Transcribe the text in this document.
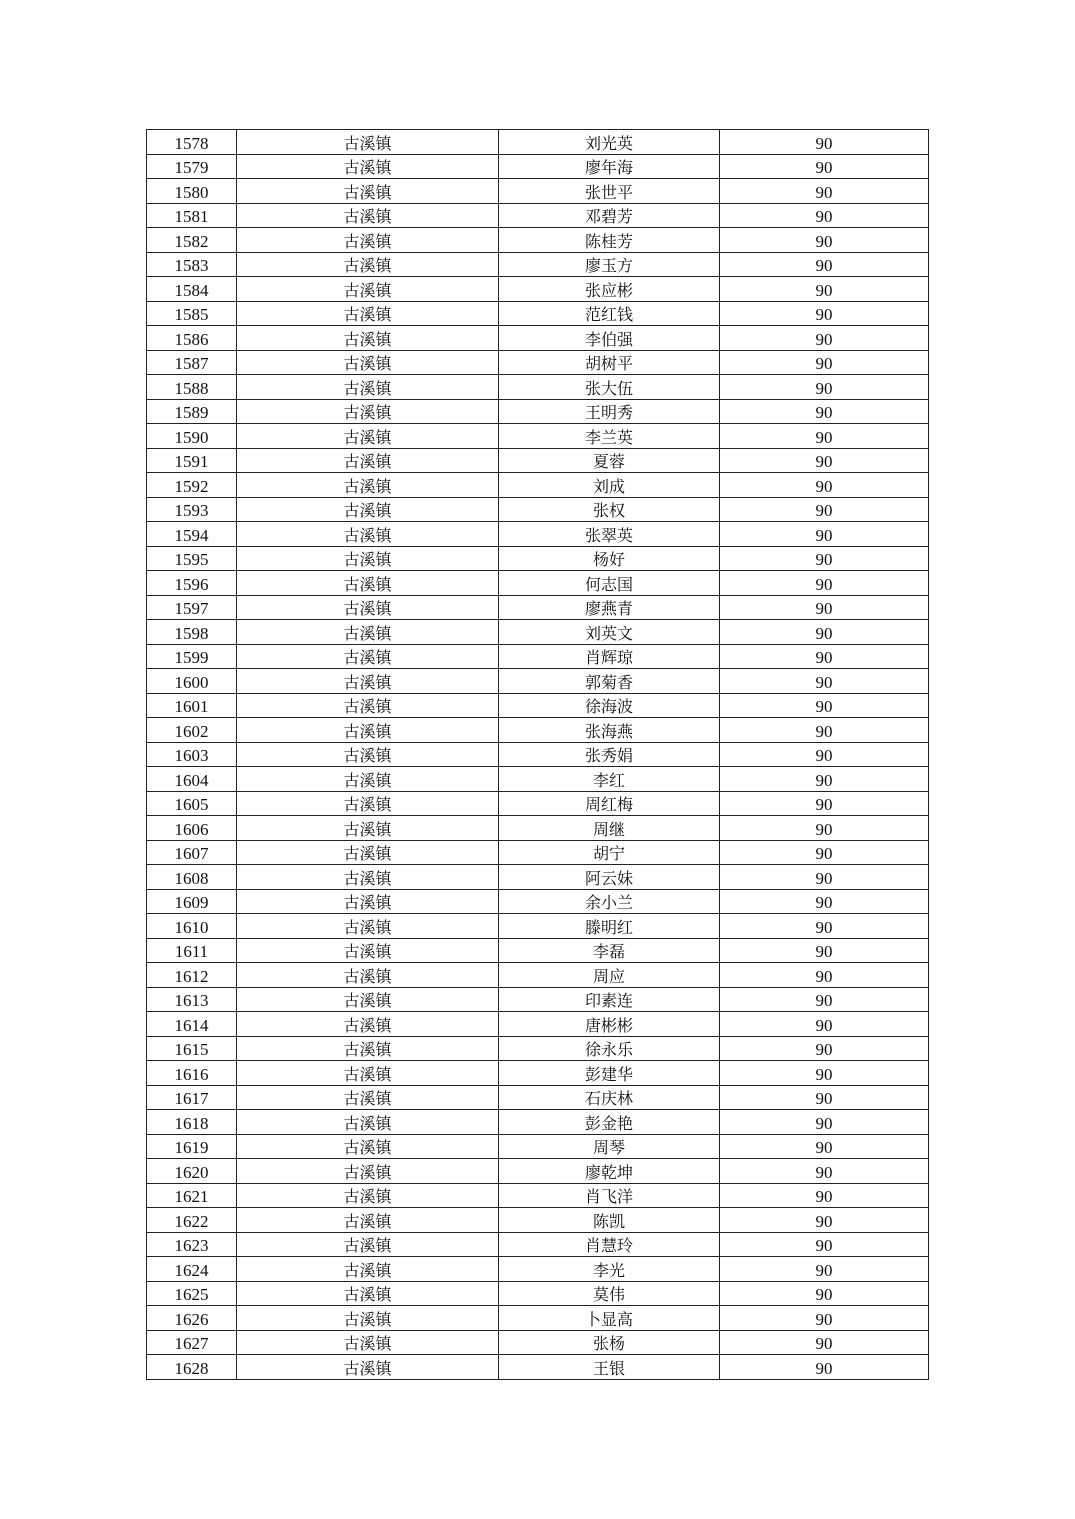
1578	古溪镇	刘光英	90
1579	古溪镇	廖年海	90
1580	古溪镇	张世平	90
1581	古溪镇	邓碧芳	90
1582	古溪镇	陈桂芳	90
1583	古溪镇	廖玉方	90
1584	古溪镇	张应彬	90
1585	古溪镇	范红钱	90
1586	古溪镇	李伯强	90
1587	古溪镇	胡树平	90
1588	古溪镇	张大伍	90
1589	古溪镇	王明秀	90
1590	古溪镇	李兰英	90
1591	古溪镇	夏蓉	90
1592	古溪镇	刘成	90
1593	古溪镇	张权	90
1594	古溪镇	张翠英	90
1595	古溪镇	杨好	90
1596	古溪镇	何志国	90
1597	古溪镇	廖燕青	90
1598	古溪镇	刘英文	90
1599	古溪镇	肖辉琼	90
1600	古溪镇	郭菊香	90
1601	古溪镇	徐海波	90
1602	古溪镇	张海燕	90
1603	古溪镇	张秀娟	90
1604	古溪镇	李红	90
1605	古溪镇	周红梅	90
1606	古溪镇	周继	90
1607	古溪镇	胡宁	90
1608	古溪镇	阿云妹	90
1609	古溪镇	余小兰	90
1610	古溪镇	滕明红	90
1611	古溪镇	李磊	90
1612	古溪镇	周应	90
1613	古溪镇	印素连	90
1614	古溪镇	唐彬彬	90
1615	古溪镇	徐永乐	90
1616	古溪镇	彭建华	90
1617	古溪镇	石庆林	90
1618	古溪镇	彭金艳	90
1619	古溪镇	周琴	90
1620	古溪镇	廖乾坤	90
1621	古溪镇	肖飞洋	90
1622	古溪镇	陈凯	90
1623	古溪镇	肖慧玲	90
1624	古溪镇	李光	90
1625	古溪镇	莫伟	90
1626	古溪镇	卜显高	90
1627	古溪镇	张杨	90
1628	古溪镇	王银	90
